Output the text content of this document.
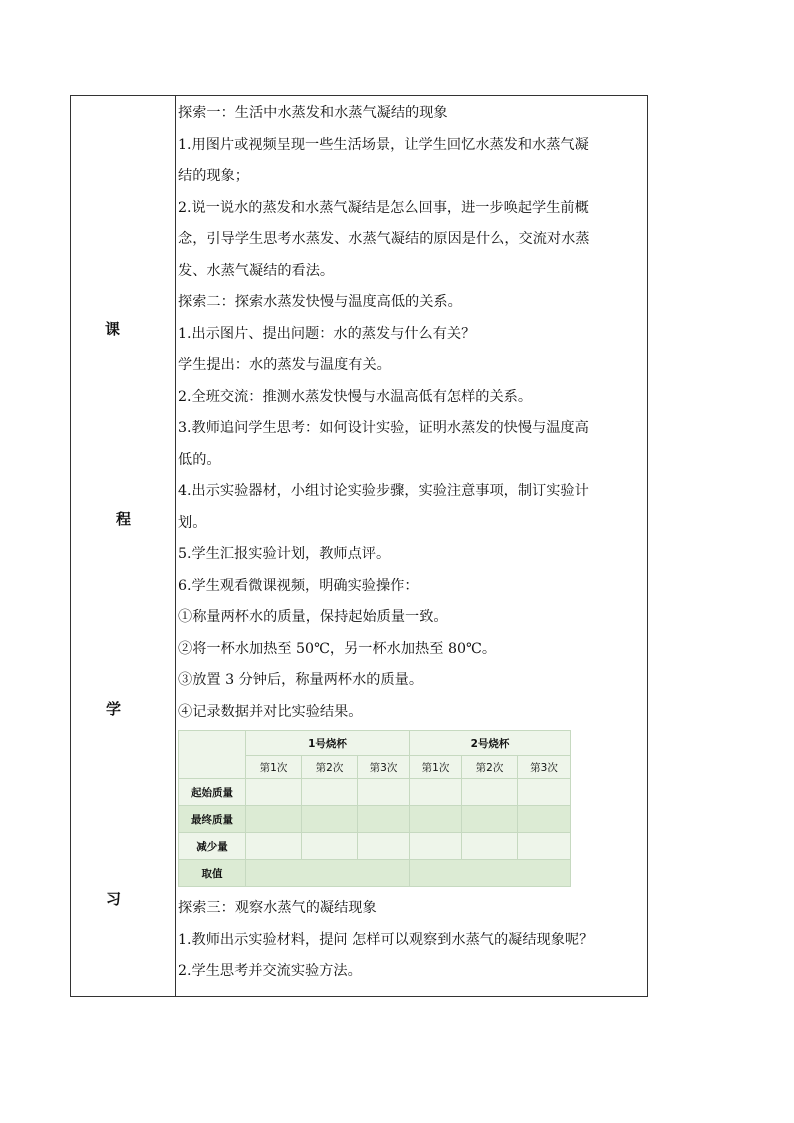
课
程
学
习
探索一：生活中水蒸发和水蒸气凝结的现象
1.用图片或视频呈现一些生活场景，让学生回忆水蒸发和水蒸气凝
结的现象；
2.说一说水的蒸发和水蒸气凝结是怎么回事，进一步唤起学生前概
念，引导学生思考水蒸发、水蒸气凝结的原因是什么，交流对水蒸
发、水蒸气凝结的看法。
探索二：探索水蒸发快慢与温度高低的关系。
1.出示图片、提出问题：水的蒸发与什么有关？
学生提出：水的蒸发与温度有关。
2.全班交流：推测水蒸发快慢与水温高低有怎样的关系。
3.教师追问学生思考：如何设计实验，证明水蒸发的快慢与温度高
低的。
4.出示实验器材，小组讨论实验步骤，实验注意事项，制订实验计
划。
5.学生汇报实验计划，教师点评。
6.学生观看微课视频，明确实验操作：
①称量两杯水的质量，保持起始质量一致。
②将一杯水加热至 50℃，另一杯水加热至 80℃。
③放置 3 分钟后，称量两杯水的质量。
④记录数据并对比实验结果。
	1号烧杯			2号烧杯		
	第1次	第2次	第3次	第1次	第2次	第3次
起始质量						
最终质量						
减少量						
取值						
探索三：观察水蒸气的凝结现象
1.教师出示实验材料，提问 怎样可以观察到水蒸气的凝结现象呢？
2.学生思考并交流实验方法。
